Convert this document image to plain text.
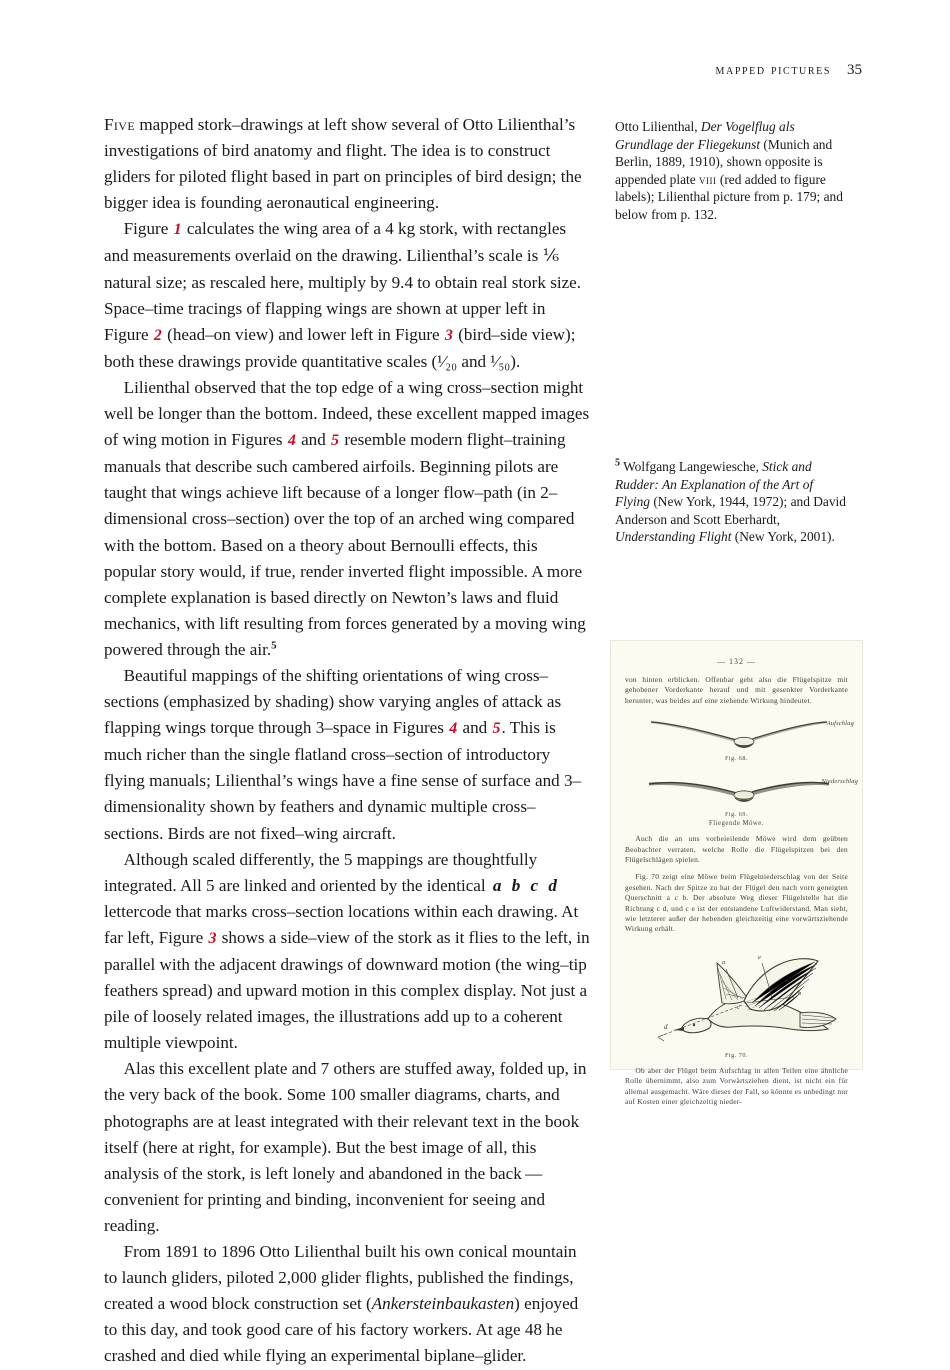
mapped pictures 35

Five mapped stork–drawings at left show several of Otto Lilienthal’s investigations of bird anatomy and flight. The idea is to construct gliders for piloted flight based in part on principles of bird design; the bigger idea is founding aeronautical engineering.

Figure 1 calculates the wing area of a 4 kg stork, with rectangles and measurements overlaid on the drawing. Lilienthal’s scale is ⅙ natural size; as rescaled here, multiply by 9.4 to obtain real stork size. Space–time tracings of flapping wings are shown at upper left in Figure 2 (head–on view) and lower left in Figure 3 (bird–side view); both these drawings provide quantitative scales (¹⁄₂₀ and ¹⁄₅₀).

Lilienthal observed that the top edge of a wing cross–section might well be longer than the bottom. Indeed, these excellent mapped images of wing motion in Figures 4 and 5 resemble modern flight–training manuals that describe such cambered airfoils. Beginning pilots are taught that wings achieve lift because of a longer flow–path (in 2–dimensional cross–section) over the top of an arched wing compared with the bottom. Based on a theory about Bernoulli effects, this popular story would, if true, render inverted flight impossible. A more complete explanation is based directly on Newton’s laws and fluid mechanics, with lift resulting from forces generated by a moving wing powered through the air.$^5$

Beautiful mappings of the shifting orientations of wing cross–sections (emphasized by shading) show varying angles of attack as flapping wings torque through 3–space in Figures 4 and 5. This is much richer than the single flatland cross–section of introductory flying manuals; Lilienthal’s wings have a fine sense of surface and 3–dimensionality shown by feathers and dynamic multiple cross–sections. Birds are not fixed–wing aircraft.

Although scaled differently, the 5 mappings are thoughtfully integrated. All 5 are linked and oriented by the identical a b c d lettercode that marks cross–section locations within each drawing. At far left, Figure 3 shows a side–view of the stork as it flies to the left, in parallel with the adjacent drawings of downward motion (the wing–tip feathers spread) and upward motion in this complex display. Not just a pile of loosely related images, the illustrations add up to a coherent multiple viewpoint.

Alas this excellent plate and 7 others are stuffed away, folded up, in the very back of the book. Some 100 smaller diagrams, charts, and photographs are at least integrated with their relevant text in the book itself (here at right, for example). But the best image of all, this analysis of the stork, is left lonely and abandoned in the back — convenient for printing and binding, inconvenient for seeing and reading.

From 1891 to 1896 Otto Lilienthal built his own conical mountain to launch gliders, piloted 2,000 glider flights, published the findings, created a wood block construction set (Ankersteinbaukasten) enjoyed to this day, and took good care of his factory workers. At age 48 he crashed and died while flying an experimental biplane–glider.

Otto Lilienthal, Der Vogelflug als Grundlage der Fliegekunst (Munich and Berlin, 1889, 1910), shown opposite is appended plate viii (red added to figure labels); Lilienthal picture from p. 179; and below from p. 132.
$^5$ Wolfgang Langewiesche, Stick and Rudder: An Explanation of the Art of Flying (New York, 1944, 1972); and David Anderson and Scott Eberhardt, Understanding Flight (New York, 2001).
— 132 —
von hinten erblicken. Offenbar geht also die Flügelspitze mit gehobener Vorderkante herauf und mit gesenkter Vorderkante herunter, was beides auf eine ziehende Wirkung hindeutet.
Aufschlag
Fig. 68.
Niederschlag
Fig. 69.
Fliegende Möwe.
Auch die an uns vorbeieilende Möwe wird dem geübten Beobachter verraten, welche Rolle die Flügelspitzen bei den Flügelschlägen spielen.
Fig. 70 zeigt eine Möwe beim Flügelniederschlag von der Seite gesehen. Nach der Spitze zu hat der Flügel den nach vorn geneigten Querschnitt a c b. Der absolute Weg dieser Flügelstelle hat die Richtung c d, und c e ist der entstandene Luftwiderstand. Man sieht, wie letzterer außer der hebenden gleichzeitig eine vorwärtsziehende Wirkung erhält.
a
e
b
c
d
Fig. 70.
Ob aber der Flügel beim Aufschlag in allen Teilen eine ähnliche Rolle übernimmt, also zum Vorwärtsziehen dient, ist nicht ein für allemal ausgemacht. Wäre dieses der Fall, so könnte es unbedingt nur auf Kosten einer gleichzeitig nieder-
